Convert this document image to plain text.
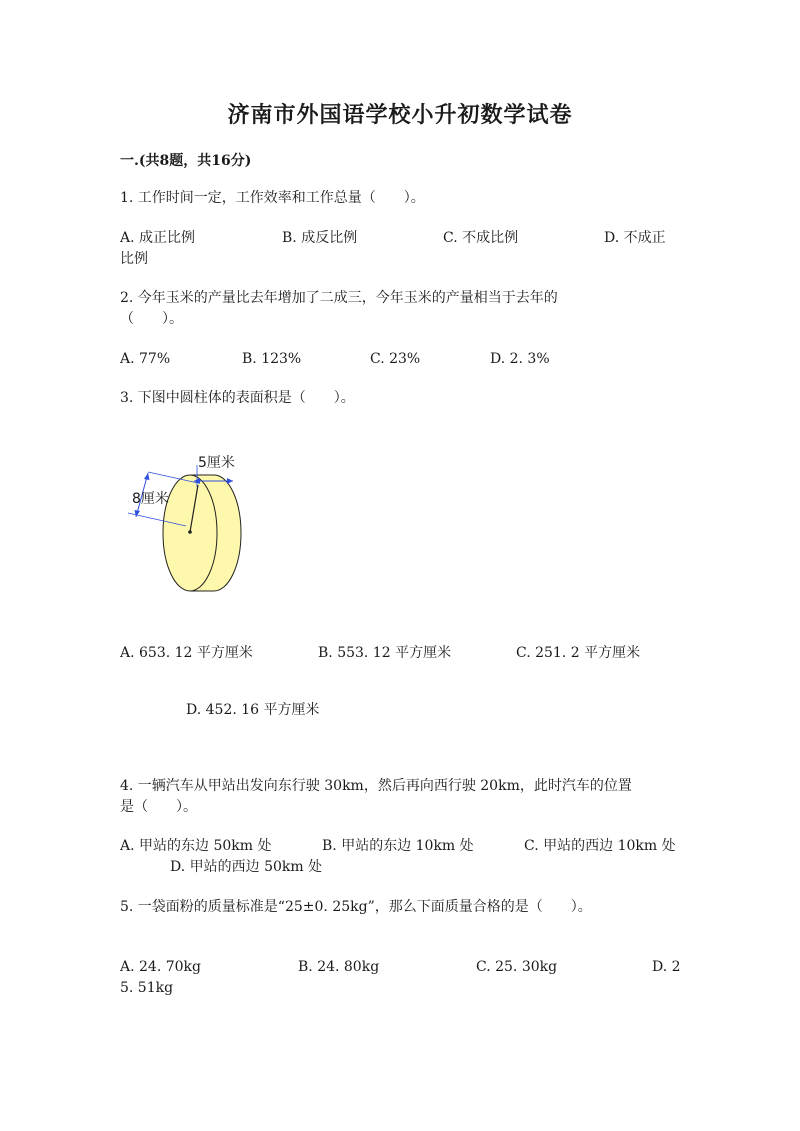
济南市外国语学校小升初数学试卷
一.(共8题，共16分)
1. 工作时间一定，工作效率和工作总量（　　）。
A. 成正比例	B. 成反比例	C. 不成比例	D. 不成正
比例
2. 今年玉米的产量比去年增加了二成三，今年玉米的产量相当于去年的
（　　）。
A. 77%	B. 123%	C. 23%	D. 2. 3%
3. 下图中圆柱体的表面积是（　　）。
5厘米
8厘米
A. 653. 12 平方厘米	B. 553. 12 平方厘米	C. 251. 2 平方厘米
D. 452. 16 平方厘米
4. 一辆汽车从甲站出发向东行驶 30km，然后再向西行驶 20km，此时汽车的位置
是（　　）。
A. 甲站的东边 50km 处	B. 甲站的东边 10km 处	C. 甲站的西边 10km 处
D. 甲站的西边 50km 处
5. 一袋面粉的质量标准是“25±0. 25kg”，那么下面质量合格的是（　　）。
A. 24. 70kg	B. 24. 80kg	C. 25. 30kg	D. 2
5. 51kg
